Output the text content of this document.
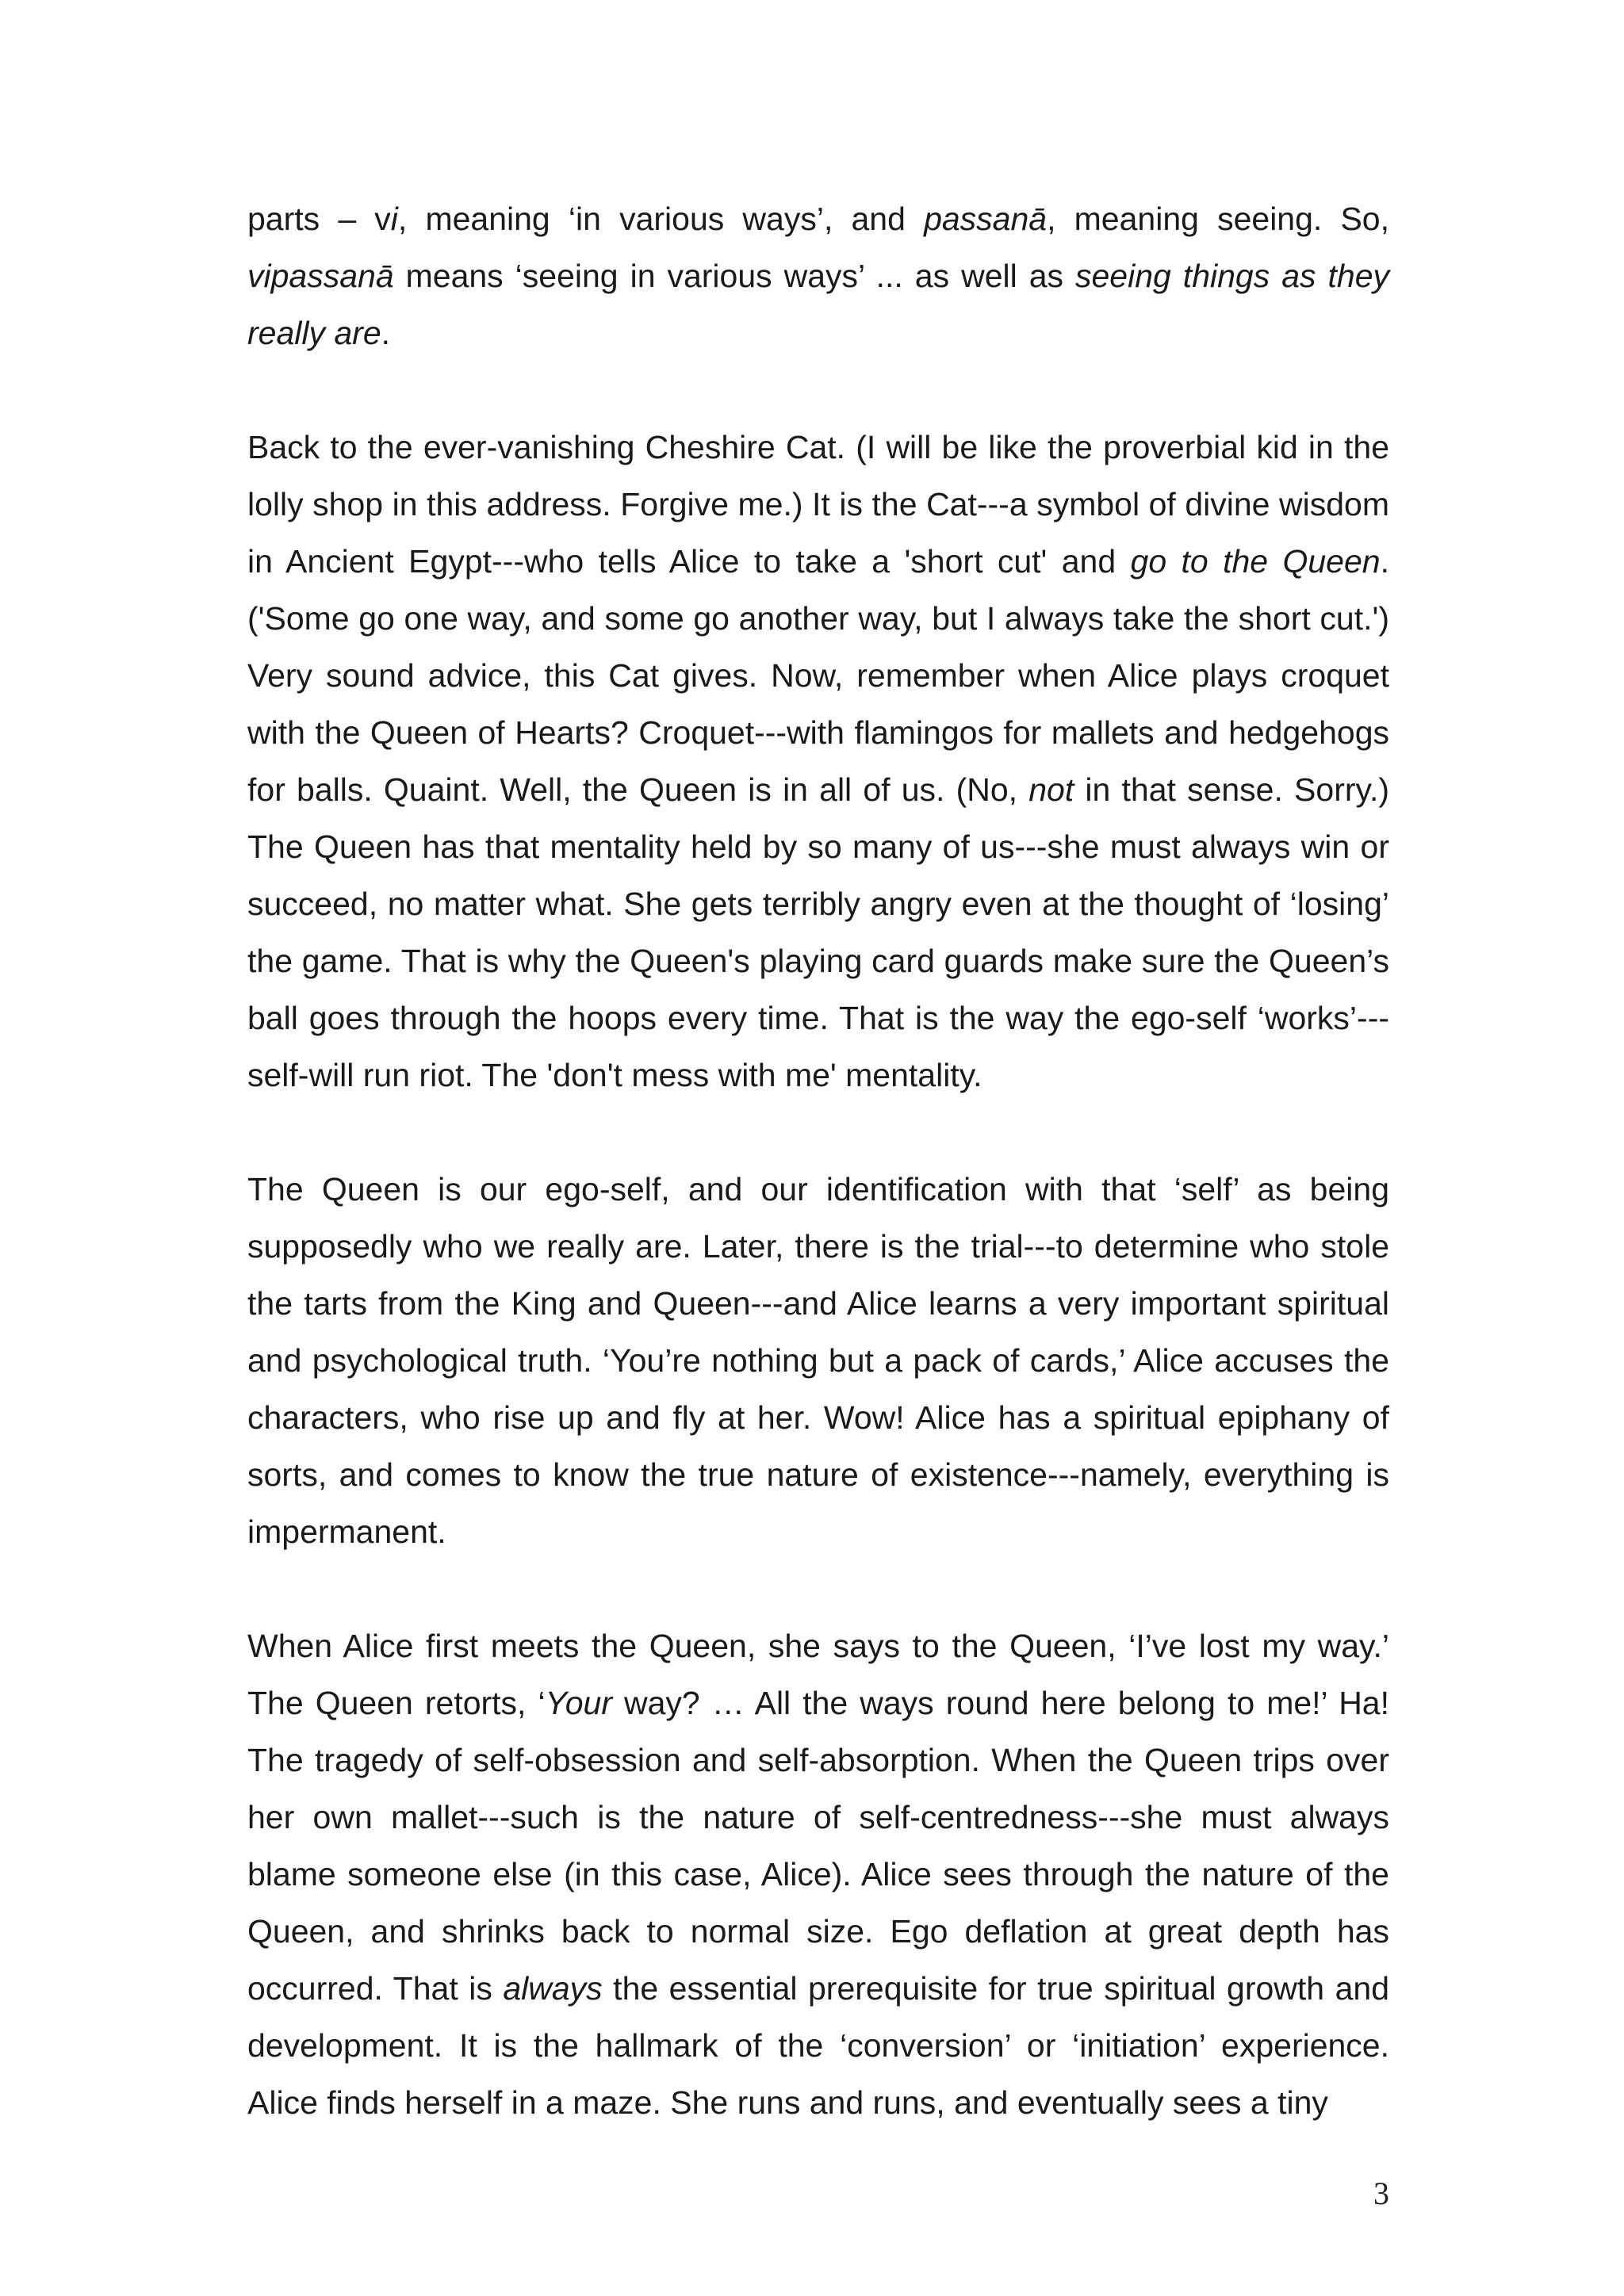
parts – vi, meaning ‘in various ways’, and passanā, meaning seeing. So, vipassanā means ‘seeing in various ways’ ... as well as seeing things as they really are.

Back to the ever-vanishing Cheshire Cat. (I will be like the proverbial kid in the lolly shop in this address. Forgive me.) It is the Cat---a symbol of divine wisdom in Ancient Egypt---who tells Alice to take a 'short cut' and go to the Queen. ('Some go one way, and some go another way, but I always take the short cut.') Very sound advice, this Cat gives. Now, remember when Alice plays croquet with the Queen of Hearts? Croquet---with flamingos for mallets and hedgehogs for balls. Quaint. Well, the Queen is in all of us. (No, not in that sense. Sorry.) The Queen has that mentality held by so many of us---she must always win or succeed, no matter what. She gets terribly angry even at the thought of ‘losing’ the game. That is why the Queen's playing card guards make sure the Queen’s ball goes through the hoops every time. That is the way the ego-self ‘works’---self-will run riot. The 'don't mess with me' mentality.

The Queen is our ego-self, and our identification with that ‘self’ as being supposedly who we really are. Later, there is the trial---to determine who stole the tarts from the King and Queen---and Alice learns a very important spiritual and psychological truth. ‘You’re nothing but a pack of cards,’ Alice accuses the characters, who rise up and fly at her. Wow! Alice has a spiritual epiphany of sorts, and comes to know the true nature of existence---namely, everything is impermanent.

When Alice first meets the Queen, she says to the Queen, ‘I’ve lost my way.’ The Queen retorts, ‘Your way? … All the ways round here belong to me!’ Ha! The tragedy of self-obsession and self-absorption. When the Queen trips over her own mallet---such is the nature of self-centredness---she must always blame someone else (in this case, Alice). Alice sees through the nature of the Queen, and shrinks back to normal size. Ego deflation at great depth has occurred. That is always the essential prerequisite for true spiritual growth and development. It is the hallmark of the ‘conversion’ or ‘initiation’ experience. Alice finds herself in a maze. She runs and runs, and eventually sees a tiny

3
